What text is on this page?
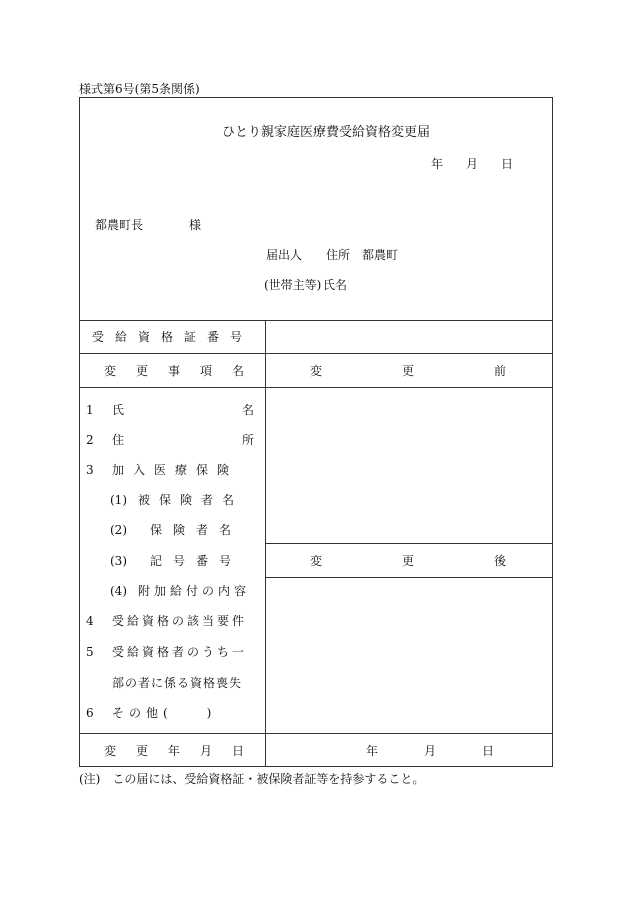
様式第6号(第5条関係)
ひとり親家庭医療費受給資格変更届
年 月 日
都農町長	様
届出人 住所 都農町
(世帯主等) 氏名
受給資格証番号
変更事項名	変更前
1 氏	名
2 住	所
3 加入医療保険
(1) 被保険者名
(2) 保険者名
(3) 記号番号
(4) 附加給付の内容
4 受給資格の該当要件
5 受給資格者のうち一
部の者に係る資格喪失
6 その他(　　)
変更後
変更年月日	年	月	日
(注)　この届には、受給資格証・被保険者証等を持参すること。
